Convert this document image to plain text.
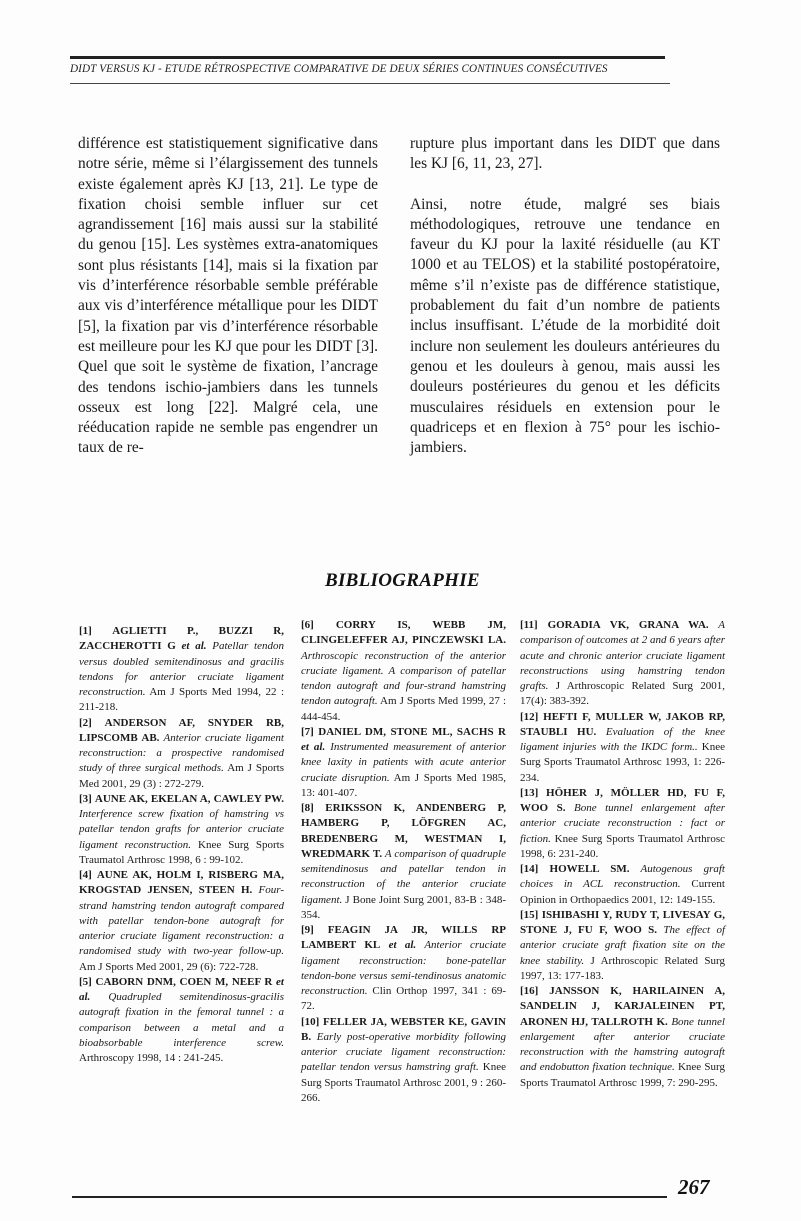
DIDT VERSUS KJ - ETUDE RÉTROSPECTIVE COMPARATIVE DE DEUX SÉRIES CONTINUES CONSÉCUTIVES

différence est statistiquement significative dans notre série, même si l’élargissement des tunnels existe également après KJ [13, 21]. Le type de fixation choisi semble influer sur cet agrandissement [16] mais aussi sur la stabilité du genou [15]. Les systèmes extra-anatomiques sont plus résistants [14], mais si la fixation par vis d’interférence résorbable semble préférable aux vis d’interférence métallique pour les DIDT [5], la fixation par vis d’interférence résorbable est meilleure pour les KJ que pour les DIDT [3]. Quel que soit le système de fixation, l’ancrage des tendons ischio-jambiers dans les tunnels osseux est long [22]. Malgré cela, une rééducation rapide ne semble pas engendrer un taux de re-

rupture plus important dans les DIDT que dans les KJ [6, 11, 23, 27].

Ainsi, notre étude, malgré ses biais méthodologiques, retrouve une tendance en faveur du KJ pour la laxité résiduelle (au KT 1000 et au TELOS) et la stabilité postopératoire, même s’il n’existe pas de différence statistique, probablement du fait d’un nombre de patients inclus insuffisant. L’étude de la morbidité doit inclure non seulement les douleurs antérieures du genou et les douleurs à genou, mais aussi les douleurs postérieures du genou et les déficits musculaires résiduels en extension pour le quadriceps et en flexion à 75° pour les ischio-jambiers.

BIBLIOGRAPHIE

[1] AGLIETTI P., BUZZI R, ZACCHEROTTI G et al. Patellar tendon versus doubled semitendinosus and gracilis tendons for anterior cruciate ligament reconstruction. Am J Sports Med 1994, 22 : 211-218.

[2] ANDERSON AF, SNYDER RB, LIPSCOMB AB. Anterior cruciate ligament reconstruction: a prospective randomised study of three surgical methods. Am J Sports Med 2001, 29 (3) : 272-279.

[3] AUNE AK, EKELAN A, CAWLEY PW. Interference screw fixation of hamstring vs patellar tendon grafts for anterior cruciate ligament reconstruction. Knee Surg Sports Traumatol Arthrosc 1998, 6 : 99-102.

[4] AUNE AK, HOLM I, RISBERG MA, KROGSTAD JENSEN, STEEN H. Four-strand hamstring tendon autograft compared with patellar tendon-bone autograft for anterior cruciate ligament reconstruction: a randomised study with two-year follow-up. Am J Sports Med 2001, 29 (6): 722-728.

[5] CABORN DNM, COEN M, NEEF R et al. Quadrupled semitendinosus-gracilis autograft fixation in the femoral tunnel : a comparison between a metal and a bioabsorbable interference screw. Arthroscopy 1998, 14 : 241-245.

[6] CORRY IS, WEBB JM, CLINGELEFFER AJ, PINCZEWSKI LA. Arthroscopic reconstruction of the anterior cruciate ligament. A comparison of patellar tendon autograft and four-strand hamstring tendon autograft. Am J Sports Med 1999, 27 : 444-454.

[7] DANIEL DM, STONE ML, SACHS R et al. Instrumented measurement of anterior knee laxity in patients with acute anterior cruciate disruption. Am J Sports Med 1985, 13: 401-407.

[8] ERIKSSON K, ANDENBERG P, HAMBERG P, LÖFGREN AC, BREDENBERG M, WESTMAN I, WREDMARK T. A comparison of quadruple semitendinosus and patellar tendon in reconstruction of the anterior cruciate ligament. J Bone Joint Surg 2001, 83-B : 348-354.

[9] FEAGIN JA JR, WILLS RP LAMBERT KL et al. Anterior cruciate ligament reconstruction: bone-patellar tendon-bone versus semi-tendinosus anatomic reconstruction. Clin Orthop 1997, 341 : 69-72.

[10] FELLER JA, WEBSTER KE, GAVIN B. Early post-operative morbidity following anterior cruciate ligament reconstruction: patellar tendon versus hamstring graft. Knee Surg Sports Traumatol Arthrosc 2001, 9 : 260-266.

[11] GORADIA VK, GRANA WA. A comparison of outcomes at 2 and 6 years after acute and chronic anterior cruciate ligament reconstructions using hamstring tendon grafts. J Arthroscopic Related Surg 2001, 17(4): 383-392.

[12] HEFTI F, MULLER W, JAKOB RP, STAUBLI HU. Evaluation of the knee ligament injuries with the IKDC form.. Knee Surg Sports Traumatol Arthrosc 1993, 1: 226-234.

[13] HÖHER J, MÖLLER HD, FU F, WOO S. Bone tunnel enlargement after anterior cruciate reconstruction : fact or fiction. Knee Surg Sports Traumatol Arthrosc 1998, 6: 231-240.

[14] HOWELL SM. Autogenous graft choices in ACL reconstruction. Current Opinion in Orthopaedics 2001, 12: 149-155.

[15] ISHIBASHI Y, RUDY T, LIVESAY G, STONE J, FU F, WOO S. The effect of anterior cruciate graft fixation site on the knee stability. J Arthroscopic Related Surg 1997, 13: 177-183.

[16] JANSSON K, HARILAINEN A, SANDELIN J, KARJALEINEN PT, ARONEN HJ, TALLROTH K. Bone tunnel enlargement after anterior cruciate reconstruction with the hamstring autograft and endobutton fixation technique. Knee Surg Sports Traumatol Arthrosc 1999, 7: 290-295.

267
